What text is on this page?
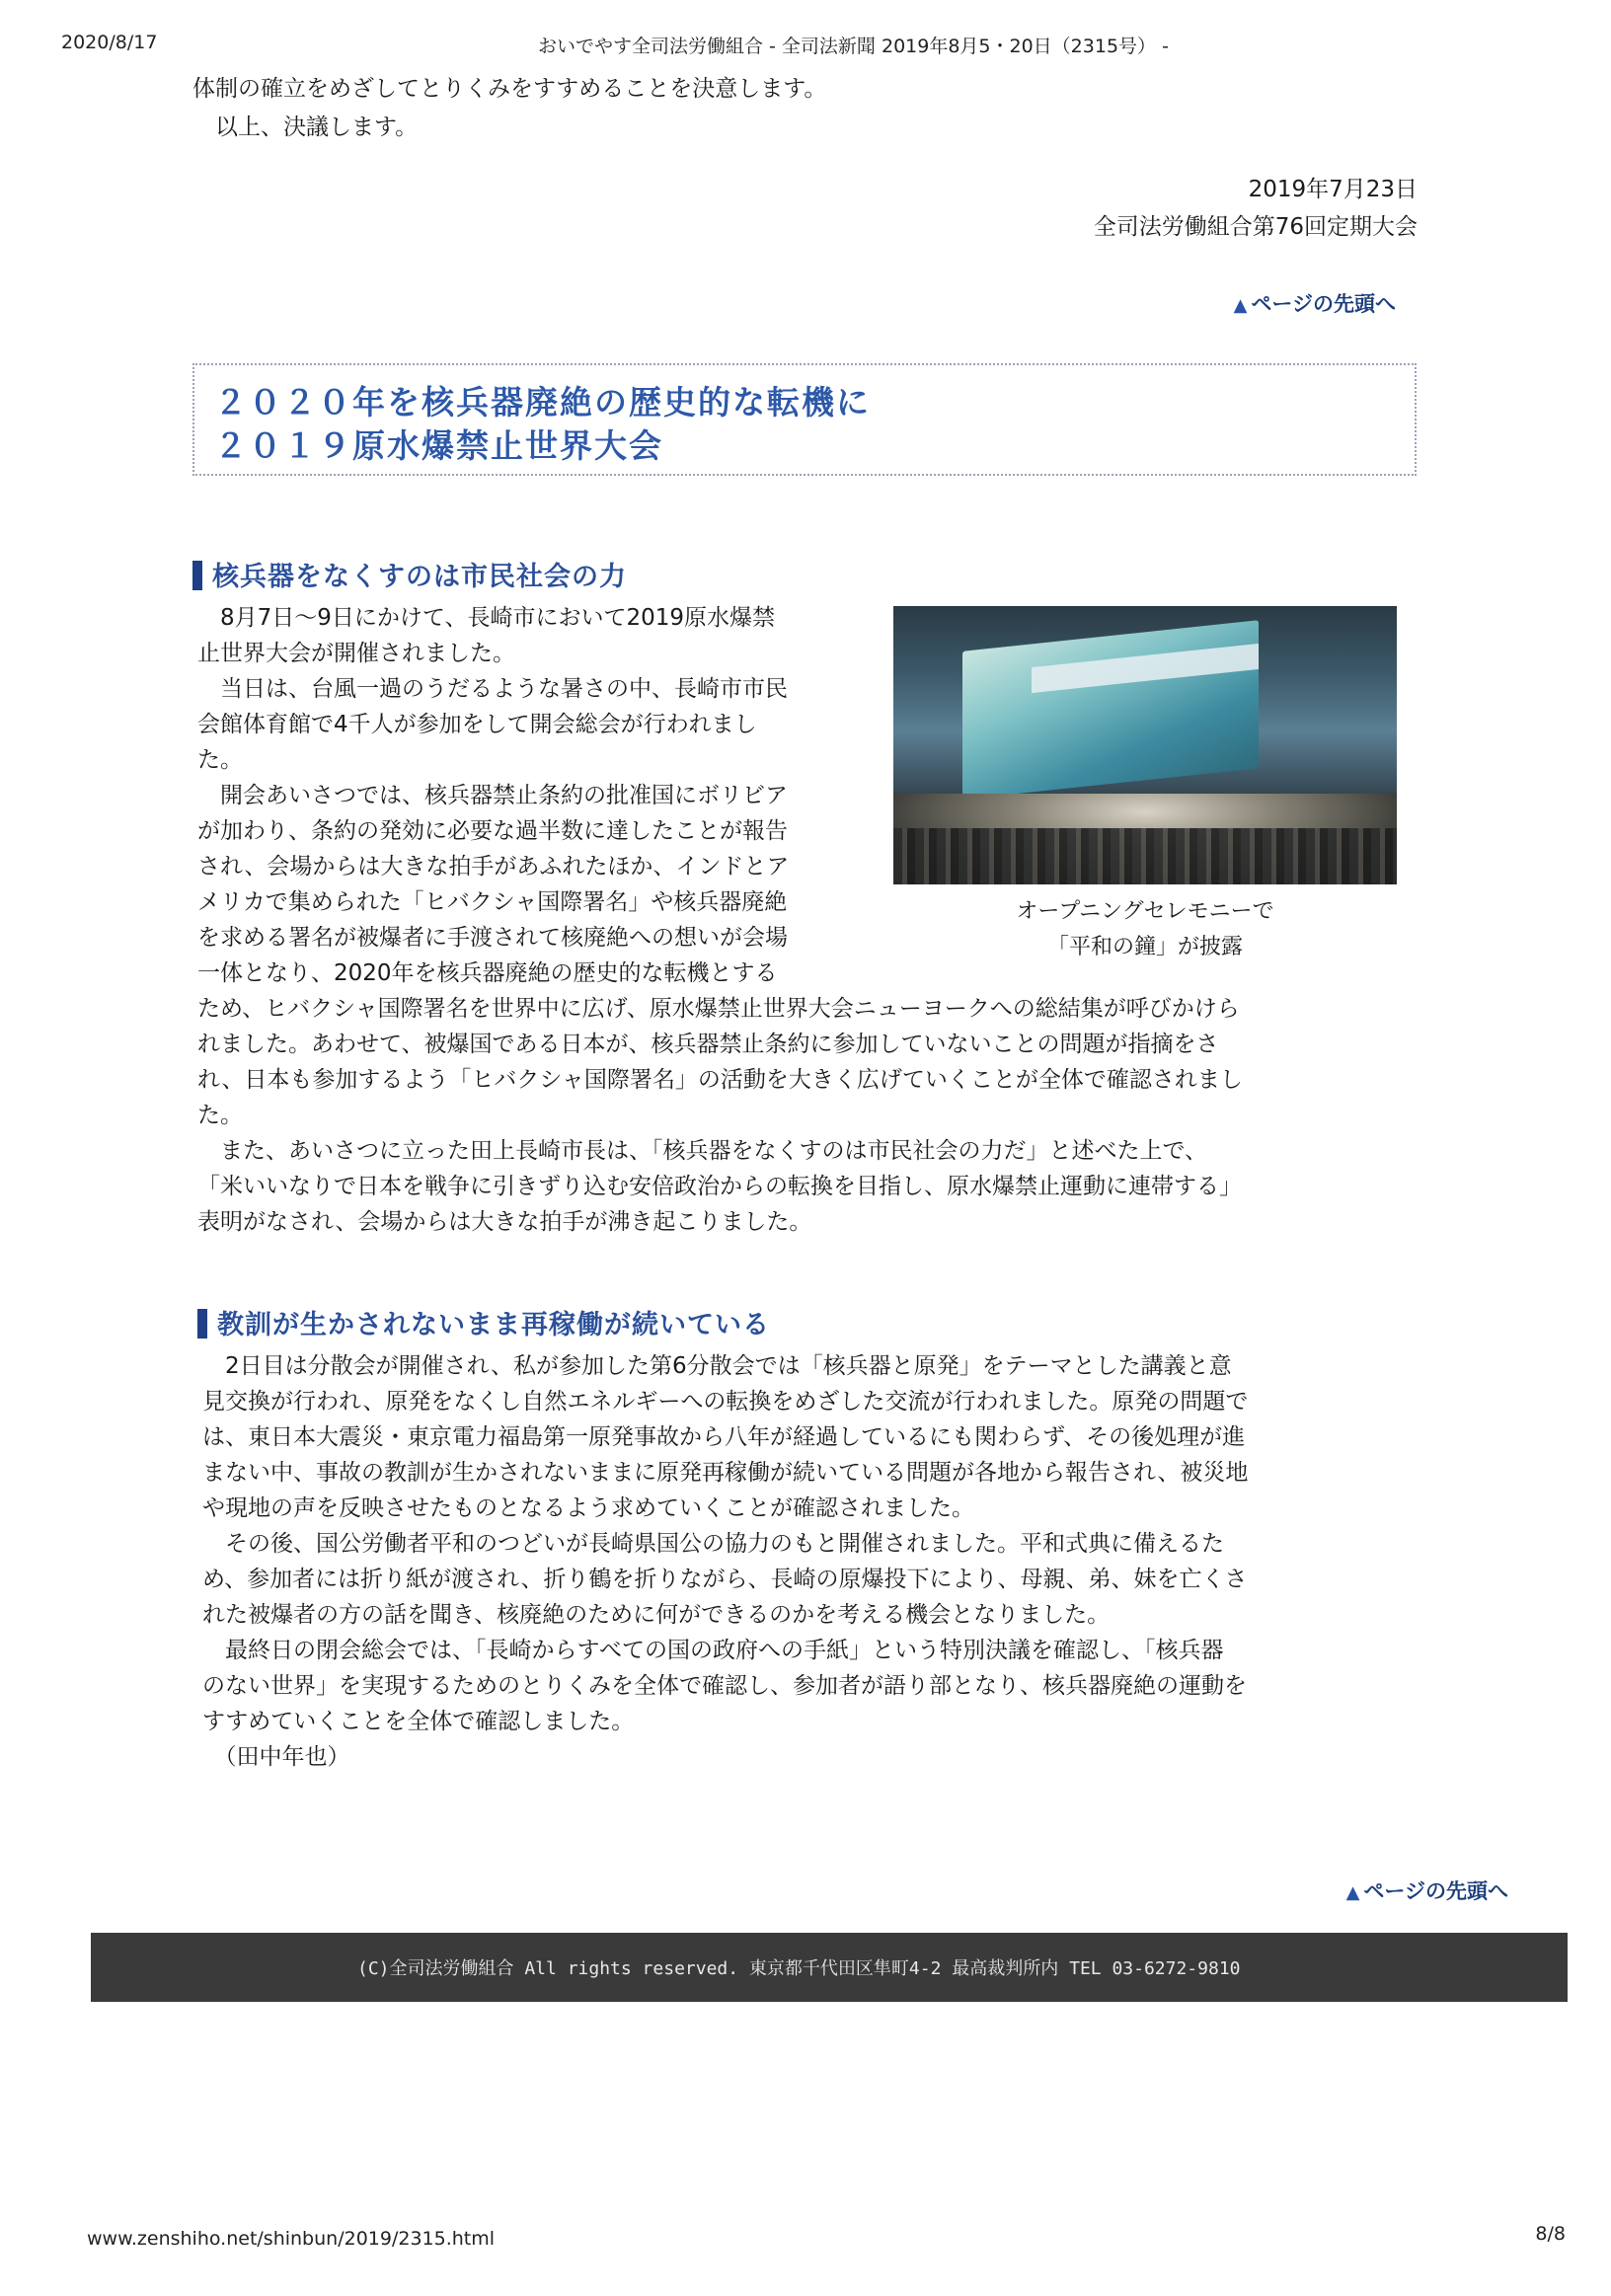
2020/8/17	おいでやす全司法労働組合 - 全司法新聞 2019年8月5・20日（2315号） -
体制の確立をめざしてとりくみをすすめることを決意します。
以上、決議します。
2019年7月23日
全司法労働組合第76回定期大会
▲ ページの先頭へ
２０２０年を核兵器廃絶の歴史的な転機に
２０１９原水爆禁止世界大会
核兵器をなくすのは市民社会の力
　8月7日～9日にかけて、長崎市において2019原水爆禁
止世界大会が開催されました。
　当日は、台風一過のうだるような暑さの中、長崎市市民
会館体育館で4千人が参加をして開会総会が行われまし
た。
　開会あいさつでは、核兵器禁止条約の批准国にボリビア
が加わり、条約の発効に必要な過半数に達したことが報告
され、会場からは大きな拍手があふれたほか、インドとア
メリカで集められた「ヒバクシャ国際署名」や核兵器廃絶
を求める署名が被爆者に手渡されて核廃絶への想いが会場
一体となり、2020年を核兵器廃絶の歴史的な転機とする
オープニングセレモニーで
「平和の鐘」が披露
ため、ヒバクシャ国際署名を世界中に広げ、原水爆禁止世界大会ニューヨークへの総結集が呼びかけら
れました。あわせて、被爆国である日本が、核兵器禁止条約に参加していないことの問題が指摘をさ
れ、日本も参加するよう「ヒバクシャ国際署名」の活動を大きく広げていくことが全体で確認されまし
た。
　また、あいさつに立った田上長崎市長は、「核兵器をなくすのは市民社会の力だ」と述べた上で、
「米いいなりで日本を戦争に引きずり込む安倍政治からの転換を目指し、原水爆禁止運動に連帯する」
表明がなされ、会場からは大きな拍手が沸き起こりました。
教訓が生かされないまま再稼働が続いている
　2日目は分散会が開催され、私が参加した第6分散会では「核兵器と原発」をテーマとした講義と意
見交換が行われ、原発をなくし自然エネルギーへの転換をめざした交流が行われました。原発の問題で
は、東日本大震災・東京電力福島第一原発事故から八年が経過しているにも関わらず、その後処理が進
まない中、事故の教訓が生かされないままに原発再稼働が続いている問題が各地から報告され、被災地
や現地の声を反映させたものとなるよう求めていくことが確認されました。
　その後、国公労働者平和のつどいが長崎県国公の協力のもと開催されました。平和式典に備えるた
め、参加者には折り紙が渡され、折り鶴を折りながら、長崎の原爆投下により、母親、弟、妹を亡くさ
れた被爆者の方の話を聞き、核廃絶のために何ができるのかを考える機会となりました。
　最終日の閉会総会では、「長崎からすべての国の政府への手紙」という特別決議を確認し、「核兵器
のない世界」を実現するためのとりくみを全体で確認し、参加者が語り部となり、核兵器廃絶の運動を
すすめていくことを全体で確認しました。
　（田中年也）
▲ ページの先頭へ
(C)全司法労働組合 All rights reserved. 東京都千代田区隼町4-2 最高裁判所内 TEL 03-6272-9810
www.zenshiho.net/shinbun/2019/2315.html	8/8
